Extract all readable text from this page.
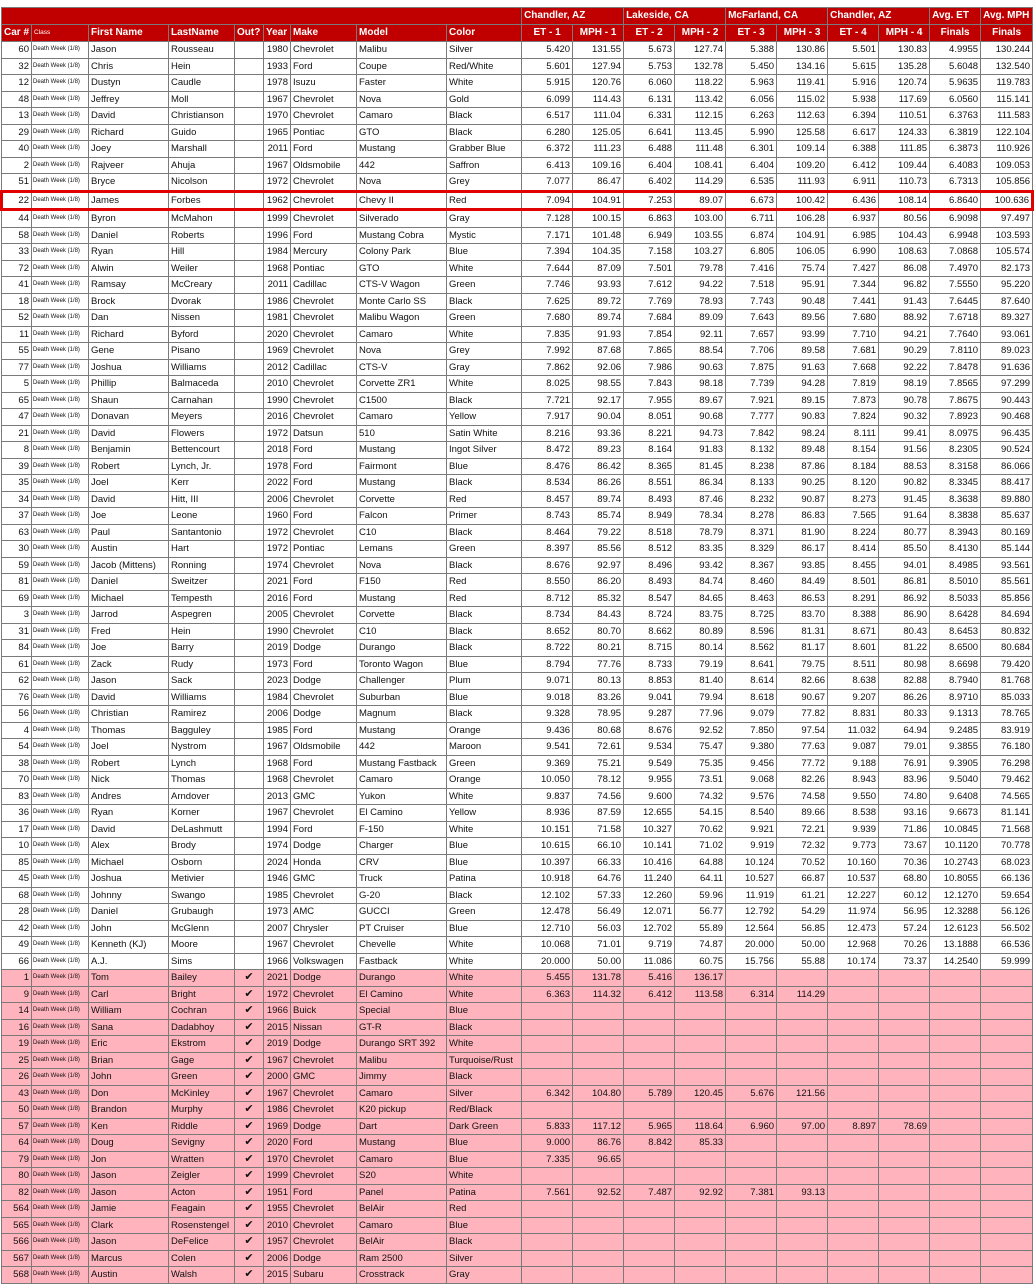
									Chandler, AZ		Lakeside, CA		McFarland, CA		Chandler, AZ		Avg. ET	Avg. MPH
Car #	Class	First Name	LastName	Out?	Year	Make	Model	Color	ET - 1	MPH - 1	ET - 2	MPH - 2	ET - 3	MPH - 3	ET - 4	MPH - 4	Finals	Finals
60	Death Week (1/8)	Jason	Rousseau		1980	Chevrolet	Malibu	Silver	5.420	131.55	5.673	127.74	5.388	130.86	5.501	130.83	4.9955	130.244
32	Death Week (1/8)	Chris	Hein		1933	Ford	Coupe	Red/White	5.601	127.94	5.753	132.78	5.450	134.16	5.615	135.28	5.6048	132.540
12	Death Week (1/8)	Dustyn	Caudle		1978	Isuzu	Faster	White	5.915	120.76	6.060	118.22	5.963	119.41	5.916	120.74	5.9635	119.783
48	Death Week (1/8)	Jeffrey	Moll		1967	Chevrolet	Nova	Gold	6.099	114.43	6.131	113.42	6.056	115.02	5.938	117.69	6.0560	115.141
13	Death Week (1/8)	David	Christianson		1970	Chevrolet	Camaro	Black	6.517	111.04	6.331	112.15	6.263	112.63	6.394	110.51	6.3763	111.583
29	Death Week (1/8)	Richard	Guido		1965	Pontiac	GTO	Black	6.280	125.05	6.641	113.45	5.990	125.58	6.617	124.33	6.3819	122.104
40	Death Week (1/8)	Joey	Marshall		2011	Ford	Mustang	Grabber Blue	6.372	111.23	6.488	111.48	6.301	109.14	6.388	111.85	6.3873	110.926
2	Death Week (1/8)	Rajveer	Ahuja		1967	Oldsmobile	442	Saffron	6.413	109.16	6.404	108.41	6.404	109.20	6.412	109.44	6.4083	109.053
51	Death Week (1/8)	Bryce	Nicolson		1972	Chevrolet	Nova	Grey	7.077	86.47	6.402	114.29	6.535	111.93	6.911	110.73	6.7313	105.856
22	Death Week (1/8)	James	Forbes		1962	Chevrolet	Chevy II	Red	7.094	104.91	7.253	89.07	6.673	100.42	6.436	108.14	6.8640	100.636
44	Death Week (1/8)	Byron	McMahon		1999	Chevrolet	Silverado	Gray	7.128	100.15	6.863	103.00	6.711	106.28	6.937	80.56	6.9098	97.497
58	Death Week (1/8)	Daniel	Roberts		1996	Ford	Mustang Cobra	Mystic	7.171	101.48	6.949	103.55	6.874	104.91	6.985	104.43	6.9948	103.593
33	Death Week (1/8)	Ryan	Hill		1984	Mercury	Colony Park	Blue	7.394	104.35	7.158	103.27	6.805	106.05	6.990	108.63	7.0868	105.574
72	Death Week (1/8)	Alwin	Weiler		1968	Pontiac	GTO	White	7.644	87.09	7.501	79.78	7.416	75.74	7.427	86.08	7.4970	82.173
41	Death Week (1/8)	Ramsay	McCreary		2011	Cadillac	CTS-V Wagon	Green	7.746	93.93	7.612	94.22	7.518	95.91	7.344	96.82	7.5550	95.220
18	Death Week (1/8)	Brock	Dvorak		1986	Chevrolet	Monte Carlo SS	Black	7.625	89.72	7.769	78.93	7.743	90.48	7.441	91.43	7.6445	87.640
52	Death Week (1/8)	Dan	Nissen		1981	Chevrolet	Malibu Wagon	Green	7.680	89.74	7.684	89.09	7.643	89.56	7.680	88.92	7.6718	89.327
11	Death Week (1/8)	Richard	Byford		2020	Chevrolet	Camaro	White	7.835	91.93	7.854	92.11	7.657	93.99	7.710	94.21	7.7640	93.061
55	Death Week (1/8)	Gene	Pisano		1969	Chevrolet	Nova	Grey	7.992	87.68	7.865	88.54	7.706	89.58	7.681	90.29	7.8110	89.023
77	Death Week (1/8)	Joshua	Williams		2012	Cadillac	CTS-V	Gray	7.862	92.06	7.986	90.63	7.875	91.63	7.668	92.22	7.8478	91.636
5	Death Week (1/8)	Phillip	Balmaceda		2010	Chevrolet	Corvette ZR1	White	8.025	98.55	7.843	98.18	7.739	94.28	7.819	98.19	7.8565	97.299
65	Death Week (1/8)	Shaun	Carnahan		1990	Chevrolet	C1500	Black	7.721	92.17	7.955	89.67	7.921	89.15	7.873	90.78	7.8675	90.443
47	Death Week (1/8)	Donavan	Meyers		2016	Chevrolet	Camaro	Yellow	7.917	90.04	8.051	90.68	7.777	90.83	7.824	90.32	7.8923	90.468
21	Death Week (1/8)	David	Flowers		1972	Datsun	510	Satin White	8.216	93.36	8.221	94.73	7.842	98.24	8.111	99.41	8.0975	96.435
8	Death Week (1/8)	Benjamin	Bettencourt		2018	Ford	Mustang	Ingot Silver	8.472	89.23	8.164	91.83	8.132	89.48	8.154	91.56	8.2305	90.524
39	Death Week (1/8)	Robert	Lynch, Jr.		1978	Ford	Fairmont	Blue	8.476	86.42	8.365	81.45	8.238	87.86	8.184	88.53	8.3158	86.066
35	Death Week (1/8)	Joel	Kerr		2022	Ford	Mustang	Black	8.534	86.26	8.551	86.34	8.133	90.25	8.120	90.82	8.3345	88.417
34	Death Week (1/8)	David	Hitt, III		2006	Chevrolet	Corvette	Red	8.457	89.74	8.493	87.46	8.232	90.87	8.273	91.45	8.3638	89.880
37	Death Week (1/8)	Joe	Leone		1960	Ford	Falcon	Primer	8.743	85.74	8.949	78.34	8.278	86.83	7.565	91.64	8.3838	85.637
63	Death Week (1/8)	Paul	Santantonio		1972	Chevrolet	C10	Black	8.464	79.22	8.518	78.79	8.371	81.90	8.224	80.77	8.3943	80.169
30	Death Week (1/8)	Austin	Hart		1972	Pontiac	Lemans	Green	8.397	85.56	8.512	83.35	8.329	86.17	8.414	85.50	8.4130	85.144
59	Death Week (1/8)	Jacob (Mittens)	Ronning		1974	Chevrolet	Nova	Black	8.676	92.97	8.496	93.42	8.367	93.85	8.455	94.01	8.4985	93.561
81	Death Week (1/8)	Daniel	Sweitzer		2021	Ford	F150	Red	8.550	86.20	8.493	84.74	8.460	84.49	8.501	86.81	8.5010	85.561
69	Death Week (1/8)	Michael	Tempesth		2016	Ford	Mustang	Red	8.712	85.32	8.547	84.65	8.463	86.53	8.291	86.92	8.5033	85.856
3	Death Week (1/8)	Jarrod	Aspegren		2005	Chevrolet	Corvette	Black	8.734	84.43	8.724	83.75	8.725	83.70	8.388	86.90	8.6428	84.694
31	Death Week (1/8)	Fred	Hein		1990	Chevrolet	C10	Black	8.652	80.70	8.662	80.89	8.596	81.31	8.671	80.43	8.6453	80.832
84	Death Week (1/8)	Joe	Barry		2019	Dodge	Durango	Black	8.722	80.21	8.715	80.14	8.562	81.17	8.601	81.22	8.6500	80.684
61	Death Week (1/8)	Zack	Rudy		1973	Ford	Toronto Wagon	Blue	8.794	77.76	8.733	79.19	8.641	79.75	8.511	80.98	8.6698	79.420
62	Death Week (1/8)	Jason	Sack		2023	Dodge	Challenger	Plum	9.071	80.13	8.853	81.40	8.614	82.66	8.638	82.88	8.7940	81.768
76	Death Week (1/8)	David	Williams		1984	Chevrolet	Suburban	Blue	9.018	83.26	9.041	79.94	8.618	90.67	9.207	86.26	8.9710	85.033
56	Death Week (1/8)	Christian	Ramirez		2006	Dodge	Magnum	Black	9.328	78.95	9.287	77.96	9.079	77.82	8.831	80.33	9.1313	78.765
4	Death Week (1/8)	Thomas	Bagguley		1985	Ford	Mustang	Orange	9.436	80.68	8.676	92.52	7.850	97.54	11.032	64.94	9.2485	83.919
54	Death Week (1/8)	Joel	Nystrom		1967	Oldsmobile	442	Maroon	9.541	72.61	9.534	75.47	9.380	77.63	9.087	79.01	9.3855	76.180
38	Death Week (1/8)	Robert	Lynch		1968	Ford	Mustang Fastback	Green	9.369	75.21	9.549	75.35	9.456	77.72	9.188	76.91	9.3905	76.298
70	Death Week (1/8)	Nick	Thomas		1968	Chevrolet	Camaro	Orange	10.050	78.12	9.955	73.51	9.068	82.26	8.943	83.96	9.5040	79.462
83	Death Week (1/8)	Andres	Arndover		2013	GMC	Yukon	White	9.837	74.56	9.600	74.32	9.576	74.58	9.550	74.80	9.6408	74.565
36	Death Week (1/8)	Ryan	Korner		1967	Chevrolet	El Camino	Yellow	8.936	87.59	12.655	54.15	8.540	89.66	8.538	93.16	9.6673	81.141
17	Death Week (1/8)	David	DeLashmutt		1994	Ford	F-150	White	10.151	71.58	10.327	70.62	9.921	72.21	9.939	71.86	10.0845	71.568
10	Death Week (1/8)	Alex	Brody		1974	Dodge	Charger	Blue	10.615	66.10	10.141	71.02	9.919	72.32	9.773	73.67	10.1120	70.778
85	Death Week (1/8)	Michael	Osborn		2024	Honda	CRV	Blue	10.397	66.33	10.416	64.88	10.124	70.52	10.160	70.36	10.2743	68.023
45	Death Week (1/8)	Joshua	Metivier		1946	GMC	Truck	Patina	10.918	64.76	11.240	64.11	10.527	66.87	10.537	68.80	10.8055	66.136
68	Death Week (1/8)	Johnny	Swango		1985	Chevrolet	G-20	Black	12.102	57.33	12.260	59.96	11.919	61.21	12.227	60.12	12.1270	59.654
28	Death Week (1/8)	Daniel	Grubaugh		1973	AMC	GUCCI	Green	12.478	56.49	12.071	56.77	12.792	54.29	11.974	56.95	12.3288	56.126
42	Death Week (1/8)	John	McGlenn		2007	Chrysler	PT Cruiser	Blue	12.710	56.03	12.702	55.89	12.564	56.85	12.473	57.24	12.6123	56.502
49	Death Week (1/8)	Kenneth (KJ)	Moore		1967	Chevrolet	Chevelle	White	10.068	71.01	9.719	74.87	20.000	50.00	12.968	70.26	13.1888	66.536
66	Death Week (1/8)	A.J.	Sims		1966	Volkswagen	Fastback	White	20.000	50.00	11.086	60.75	15.756	55.88	10.174	73.37	14.2540	59.999
1	Death Week (1/8)	Tom	Bailey	✔	2021	Dodge	Durango	White	5.455	131.78	5.416	136.17						
9	Death Week (1/8)	Carl	Bright	✔	1972	Chevrolet	El Camino	White	6.363	114.32	6.412	113.58	6.314	114.29				
14	Death Week (1/8)	William	Cochran	✔	1966	Buick	Special	Blue										
16	Death Week (1/8)	Sana	Dadabhoy	✔	2015	Nissan	GT-R	Black										
19	Death Week (1/8)	Eric	Ekstrom	✔	2019	Dodge	Durango SRT 392	White										
25	Death Week (1/8)	Brian	Gage	✔	1967	Chevrolet	Malibu	Turquoise/Rust										
26	Death Week (1/8)	John	Green	✔	2000	GMC	Jimmy	Black										
43	Death Week (1/8)	Don	McKinley	✔	1967	Chevrolet	Camaro	Silver	6.342	104.80	5.789	120.45	5.676	121.56				
50	Death Week (1/8)	Brandon	Murphy	✔	1986	Chevrolet	K20 pickup	Red/Black										
57	Death Week (1/8)	Ken	Riddle	✔	1969	Dodge	Dart	Dark Green	5.833	117.12	5.965	118.64	6.960	97.00	8.897	78.69		
64	Death Week (1/8)	Doug	Sevigny	✔	2020	Ford	Mustang	Blue	9.000	86.76	8.842	85.33						
79	Death Week (1/8)	Jon	Wratten	✔	1970	Chevrolet	Camaro	Blue	7.335	96.65								
80	Death Week (1/8)	Jason	Zeigler	✔	1999	Chevrolet	S20	White										
82	Death Week (1/8)	Jason	Acton	✔	1951	Ford	Panel	Patina	7.561	92.52	7.487	92.92	7.381	93.13				
564	Death Week (1/8)	Jamie	Feagain	✔	1955	Chevrolet	BelAir	Red										
565	Death Week (1/8)	Clark	Rosenstengel	✔	2010	Chevrolet	Camaro	Blue										
566	Death Week (1/8)	Jason	DeFelice	✔	1957	Chevrolet	BelAir	Black										
567	Death Week (1/8)	Marcus	Colen	✔	2006	Dodge	Ram 2500	Silver										
568	Death Week (1/8)	Austin	Walsh	✔	2015	Subaru	Crosstrack	Gray										
